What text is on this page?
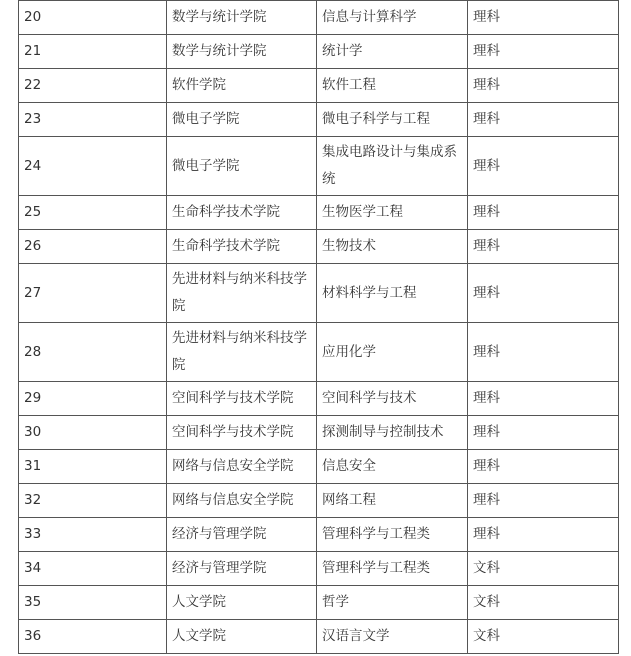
20	数学与统计学院	信息与计算科学	理科
21	数学与统计学院	统计学	理科
22	软件学院	软件工程	理科
23	微电子学院	微电子科学与工程	理科
24	微电子学院	集成电路设计与集成系统	理科
25	生命科学技术学院	生物医学工程	理科
26	生命科学技术学院	生物技术	理科
27	先进材料与纳米科技学院	材料科学与工程	理科
28	先进材料与纳米科技学院	应用化学	理科
29	空间科学与技术学院	空间科学与技术	理科
30	空间科学与技术学院	探测制导与控制技术	理科
31	网络与信息安全学院	信息安全	理科
32	网络与信息安全学院	网络工程	理科
33	经济与管理学院	管理科学与工程类	理科
34	经济与管理学院	管理科学与工程类	文科
35	人文学院	哲学	文科
36	人文学院	汉语言文学	文科
